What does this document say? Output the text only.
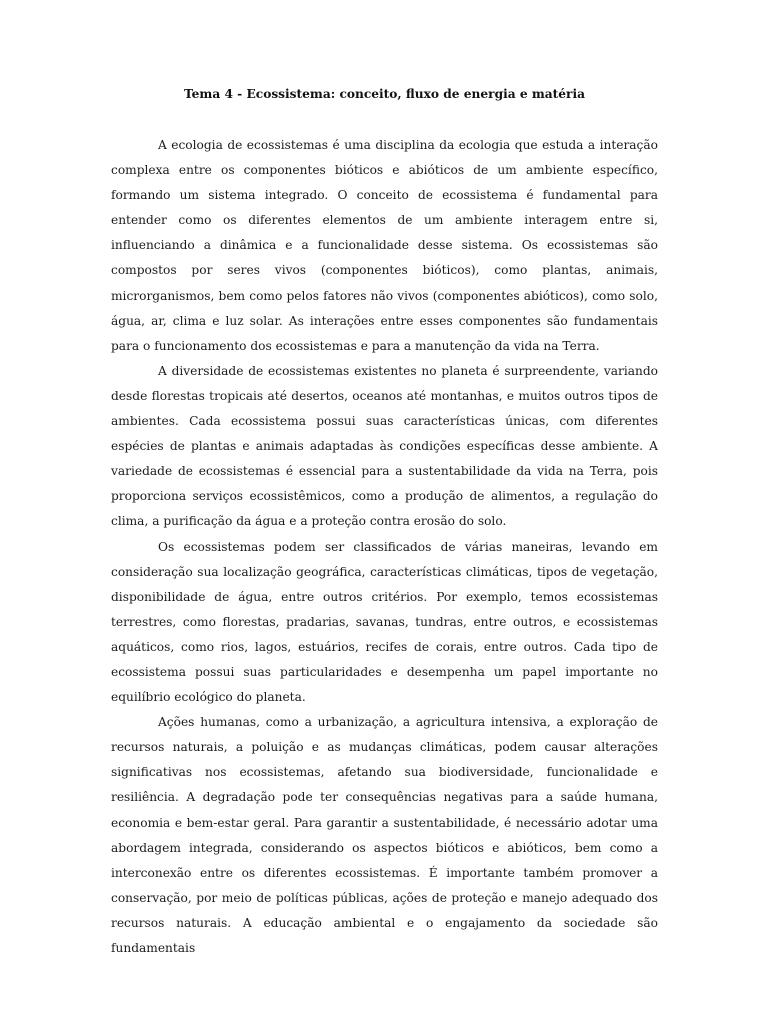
Tema 4 - Ecossistema: conceito, fluxo de energia e matéria

A ecologia de ecossistemas é uma disciplina da ecologia que estuda a interação complexa entre os componentes bióticos e abióticos de um ambiente específico, formando um sistema integrado. O conceito de ecossistema é fundamental para entender como os diferentes elementos de um ambiente interagem entre si, influenciando a dinâmica e a funcionalidade desse sistema. Os ecossistemas são compostos por seres vivos (componentes bióticos), como plantas, animais, microrganismos, bem como pelos fatores não vivos (componentes abióticos), como solo, água, ar, clima e luz solar. As interações entre esses componentes são fundamentais para o funcionamento dos ecossistemas e para a manutenção da vida na Terra.

A diversidade de ecossistemas existentes no planeta é surpreendente, variando desde florestas tropicais até desertos, oceanos até montanhas, e muitos outros tipos de ambientes. Cada ecossistema possui suas características únicas, com diferentes espécies de plantas e animais adaptadas às condições específicas desse ambiente. A variedade de ecossistemas é essencial para a sustentabilidade da vida na Terra, pois proporciona serviços ecossistêmicos, como a produção de alimentos, a regulação do clima, a purificação da água e a proteção contra erosão do solo.

Os ecossistemas podem ser classificados de várias maneiras, levando em consideração sua localização geográfica, características climáticas, tipos de vegetação, disponibilidade de água, entre outros critérios. Por exemplo, temos ecossistemas terrestres, como florestas, pradarias, savanas, tundras, entre outros, e ecossistemas aquáticos, como rios, lagos, estuários, recifes de corais, entre outros. Cada tipo de ecossistema possui suas particularidades e desempenha um papel importante no equilíbrio ecológico do planeta.

Ações humanas, como a urbanização, a agricultura intensiva, a exploração de recursos naturais, a poluição e as mudanças climáticas, podem causar alterações significativas nos ecossistemas, afetando sua biodiversidade, funcionalidade e resiliência. A degradação pode ter consequências negativas para a saúde humana, economia e bem-estar geral. Para garantir a sustentabilidade, é necessário adotar uma abordagem integrada, considerando os aspectos bióticos e abióticos, bem como a interconexão entre os diferentes ecossistemas. É importante também promover a conservação, por meio de políticas públicas, ações de proteção e manejo adequado dos recursos naturais. A educação ambiental e o engajamento da sociedade são fundamentais
